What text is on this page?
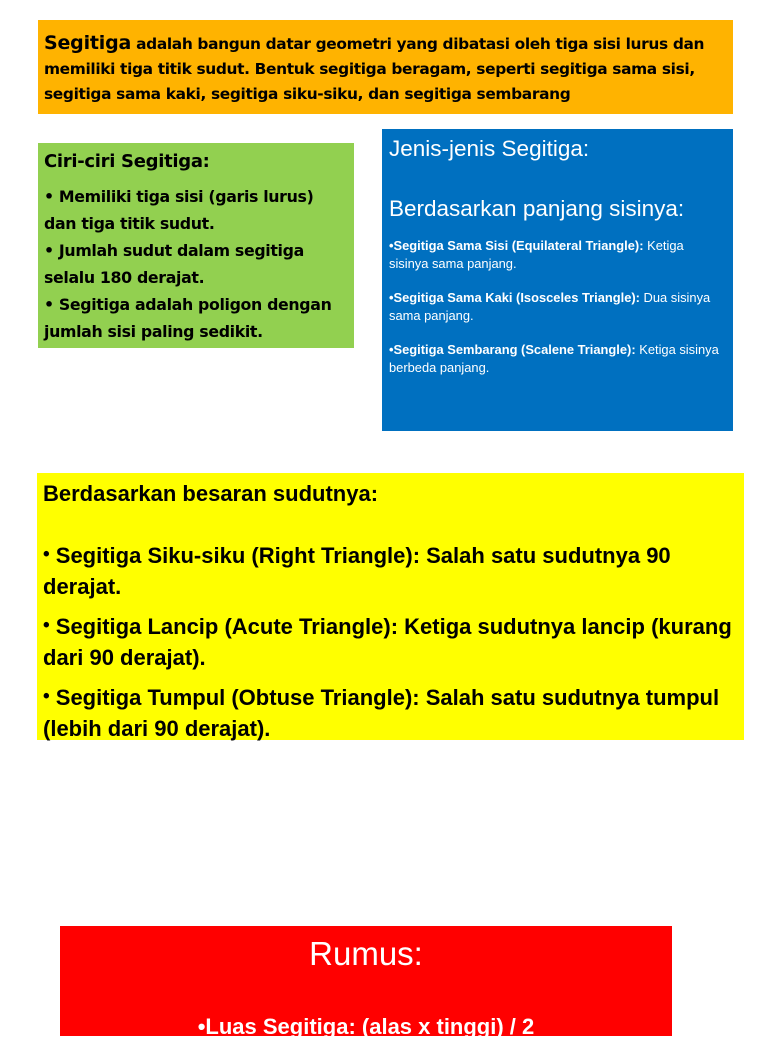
Segitiga adalah bangun datar geometri yang dibatasi oleh tiga sisi lurus dan memiliki tiga titik sudut. Bentuk segitiga beragam, seperti segitiga sama sisi, segitiga sama kaki, segitiga siku-siku, dan segitiga sembarang
Ciri-ciri Segitiga:
• Memiliki tiga sisi (garis lurus) dan tiga titik sudut.
• Jumlah sudut dalam segitiga selalu 180 derajat.
• Segitiga adalah poligon dengan jumlah sisi paling sedikit.
Jenis-jenis Segitiga:
Berdasarkan panjang sisinya:
•Segitiga Sama Sisi (Equilateral Triangle): Ketiga sisinya sama panjang.
•Segitiga Sama Kaki (Isosceles Triangle): Dua sisinya sama panjang.
•Segitiga Sembarang (Scalene Triangle): Ketiga sisinya berbeda panjang.
Berdasarkan besaran sudutnya:
• Segitiga Siku-siku (Right Triangle): Salah satu sudutnya 90 derajat.
• Segitiga Lancip (Acute Triangle): Ketiga sudutnya lancip (kurang dari 90 derajat).
• Segitiga Tumpul (Obtuse Triangle): Salah satu sudutnya tumpul (lebih dari 90 derajat).
Rumus:
•Luas Segitiga: (alas x tinggi) / 2
